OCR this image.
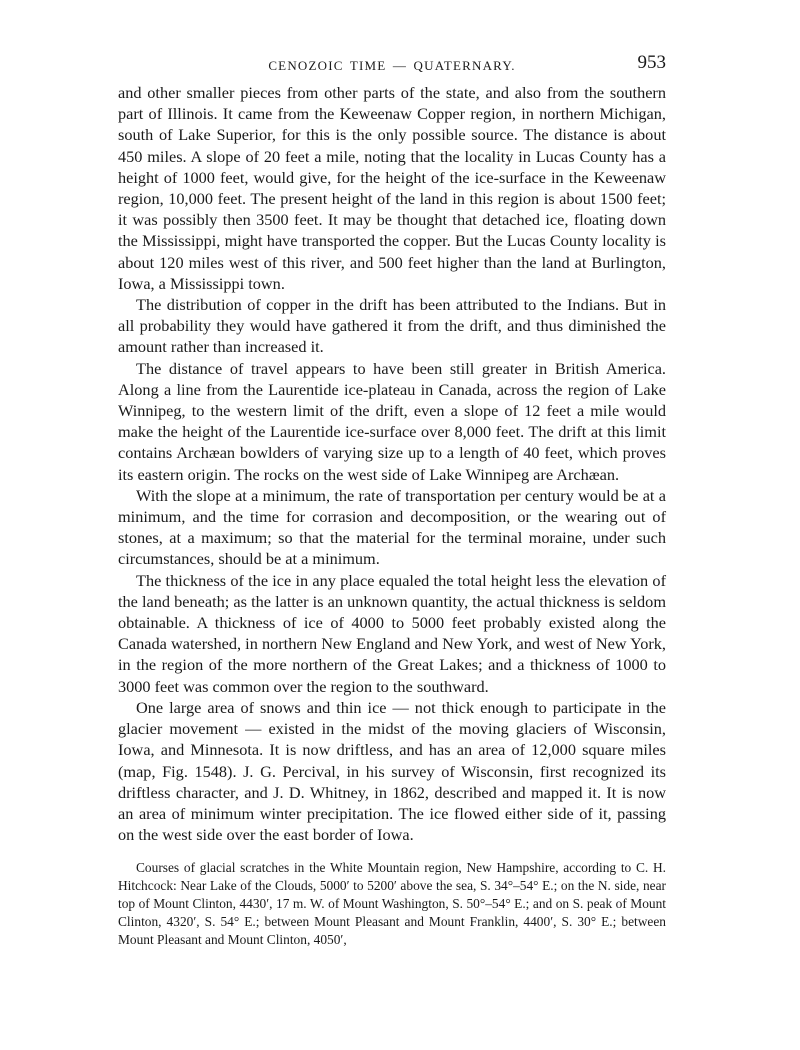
CENOZOIC TIME — QUATERNARY.	953

and other smaller pieces from other parts of the state, and also from the southern part of Illinois. It came from the Keweenaw Copper region, in northern Michigan, south of Lake Superior, for this is the only possible source. The distance is about 450 miles. A slope of 20 feet a mile, noting that the locality in Lucas County has a height of 1000 feet, would give, for the height of the ice-surface in the Keweenaw region, 10,000 feet. The present height of the land in this region is about 1500 feet; it was possibly then 3500 feet. It may be thought that detached ice, floating down the Mississippi, might have transported the copper. But the Lucas County locality is about 120 miles west of this river, and 500 feet higher than the land at Burlington, Iowa, a Mississippi town.

The distribution of copper in the drift has been attributed to the Indians. But in all probability they would have gathered it from the drift, and thus diminished the amount rather than increased it.

The distance of travel appears to have been still greater in British America. Along a line from the Laurentide ice-plateau in Canada, across the region of Lake Winnipeg, to the western limit of the drift, even a slope of 12 feet a mile would make the height of the Laurentide ice-surface over 8,000 feet. The drift at this limit contains Archæan bowlders of varying size up to a length of 40 feet, which proves its eastern origin. The rocks on the west side of Lake Winnipeg are Archæan.

With the slope at a minimum, the rate of transportation per century would be at a minimum, and the time for corrasion and decomposition, or the wearing out of stones, at a maximum; so that the material for the terminal moraine, under such circumstances, should be at a minimum.

The thickness of the ice in any place equaled the total height less the elevation of the land beneath; as the latter is an unknown quantity, the actual thickness is seldom obtainable. A thickness of ice of 4000 to 5000 feet probably existed along the Canada watershed, in northern New England and New York, and west of New York, in the region of the more northern of the Great Lakes; and a thickness of 1000 to 3000 feet was common over the region to the southward.

One large area of snows and thin ice — not thick enough to participate in the glacier movement — existed in the midst of the moving glaciers of Wisconsin, Iowa, and Minnesota. It is now driftless, and has an area of 12,000 square miles (map, Fig. 1548). J. G. Percival, in his survey of Wisconsin, first recognized its driftless character, and J. D. Whitney, in 1862, described and mapped it. It is now an area of minimum winter precipitation. The ice flowed either side of it, passing on the west side over the east border of Iowa.

Courses of glacial scratches in the White Mountain region, New Hampshire, according to C. H. Hitchcock: Near Lake of the Clouds, 5000′ to 5200′ above the sea, S. 34°–54° E.; on the N. side, near top of Mount Clinton, 4430′, 17 m. W. of Mount Washington, S. 50°–54° E.; and on S. peak of Mount Clinton, 4320′, S. 54° E.; between Mount Pleasant and Mount Franklin, 4400′, S. 30° E.; between Mount Pleasant and Mount Clinton, 4050′,
